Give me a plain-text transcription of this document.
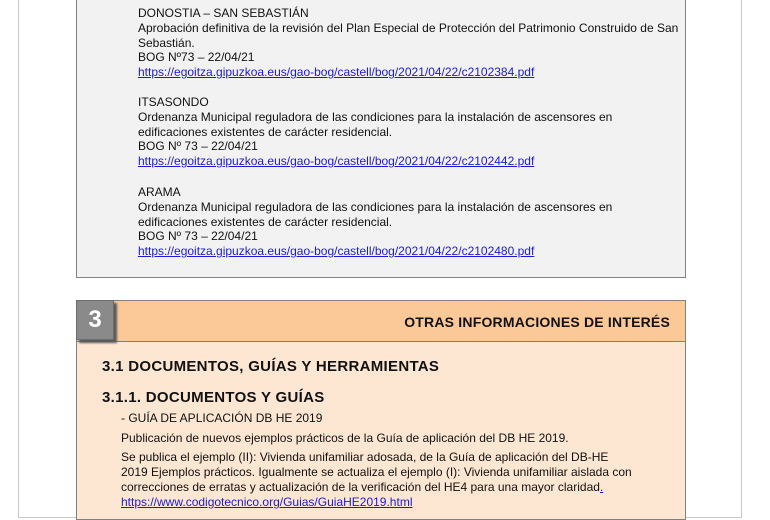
DONOSTIA – SAN SEBASTIÁN
Aprobación definitiva de la revisión del Plan Especial de Protección del Patrimonio Construido de San
Sebastián.
BOG Nº73 – 22/04/21
https://egoitza.gipuzkoa.eus/gao-bog/castell/bog/2021/04/22/c2102384.pdf
ITSASONDO
Ordenanza Municipal reguladora de las condiciones para la instalación de ascensores en
edificaciones existentes de carácter residencial.
BOG Nº 73 – 22/04/21
https://egoitza.gipuzkoa.eus/gao-bog/castell/bog/2021/04/22/c2102442.pdf
ARAMA
Ordenanza Municipal reguladora de las condiciones para la instalación de ascensores en
edificaciones existentes de carácter residencial.
BOG Nº 73 – 22/04/21
https://egoitza.gipuzkoa.eus/gao-bog/castell/bog/2021/04/22/c2102480.pdf
3	OTRAS INFORMACIONES DE INTERÉS
3.1 DOCUMENTOS, GUÍAS Y HERRAMIENTAS
3.1.1. DOCUMENTOS Y GUÍAS
- GUÍA DE APLICACIÓN DB HE 2019
Publicación de nuevos ejemplos prácticos de la Guía de aplicación del DB HE 2019.
Se publica el ejemplo (II): Vivienda unifamiliar adosada, de la Guía de aplicación del DB-HE
2019 Ejemplos prácticos. Igualmente se actualiza el ejemplo (I): Vivienda unifamiliar aislada con
correcciones de erratas y actualización de la verificación del HE4 para una mayor claridad.
https://www.codigotecnico.org/Guias/GuiaHE2019.html
